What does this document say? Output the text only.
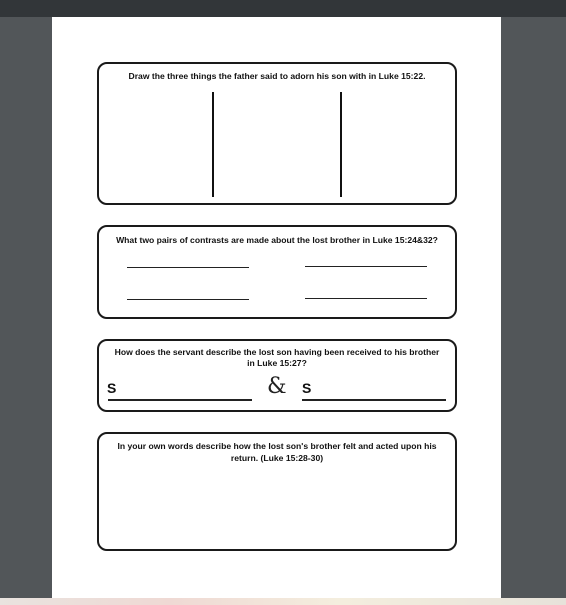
Draw the three things the father said to adorn his son with in Luke 15:22.
What two pairs of contrasts are made about the lost brother in Luke 15:24&32?
How does the servant describe the lost son having been received to his brother
in Luke 15:27?
S	& S
In your own words describe how the lost son's brother felt and acted upon his
return. (Luke 15:28-30)
